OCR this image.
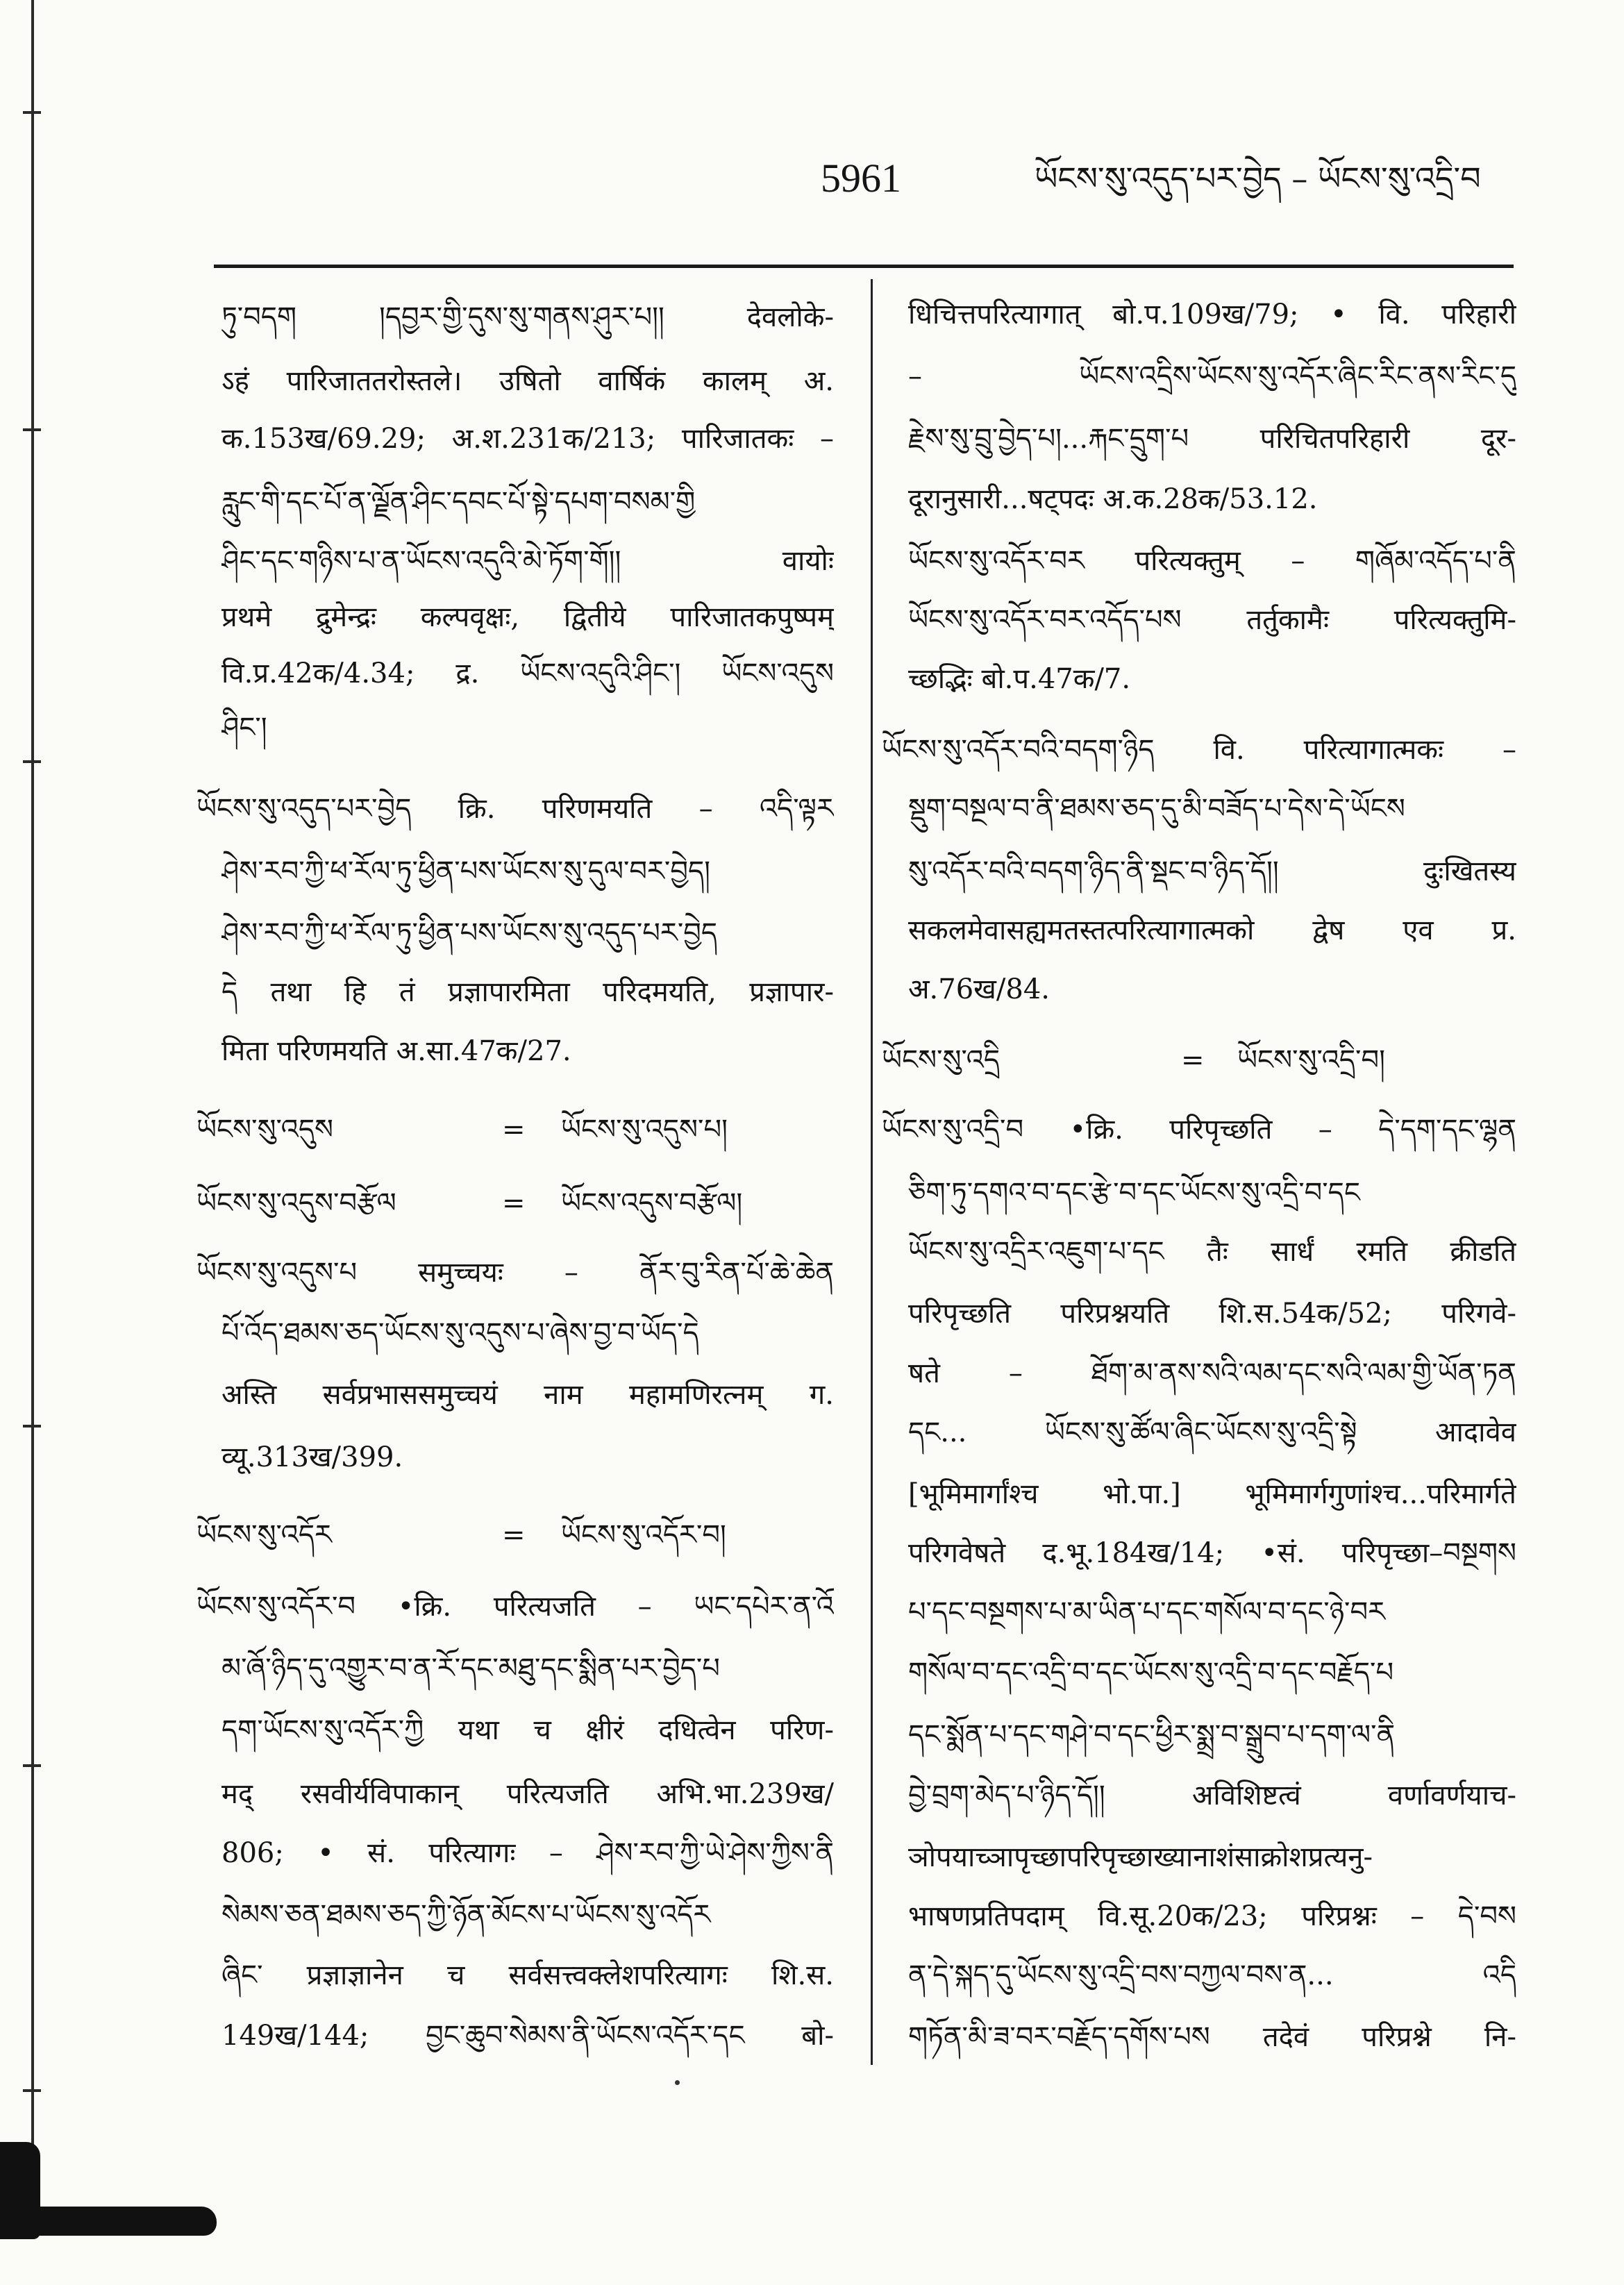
5961	ཡོངས་སུ་འདུད་པར་བྱེད – ཡོངས་སུ་འདྲི་བ
ཏུ་བདག །དབྱར་གྱི་དུས་སུ་གནས་ཤུར་པ།། देवलोके-
ऽहं पारिजाततरोस्तले। उषितो वार्षिकं कालम् अ.
क.153ख/69.29; अ.श.231क/213; पारिजातकः –
རླུང་གི་དང་པོ་ན་ལྗོན་ཤིང་དབང་པོ་སྟེ་དཔག་བསམ་གྱི
ཤིང་དང་གཉིས་པ་ན་ཡོངས་འདུའི་མེ་ཏོག་གོ།། वायोः
प्रथमे द्रुमेन्द्रः कल्पवृक्षः, द्वितीये पारिजातकपुष्पम्
वि.प्र.42क/4.34; द्र. ཡོངས་འདུའི་ཤིང་། ཡོངས་འདུས
ཤིང་།
ཡོངས་སུ་འདུད་པར་བྱེད क्रि. परिणमयति – འདི་ལྟར
ཤེས་རབ་ཀྱི་ཕ་རོལ་ཏུ་ཕྱིན་པས་ཡོངས་སུ་དུལ་བར་བྱེད།
ཤེས་རབ་ཀྱི་ཕ་རོལ་ཏུ་ཕྱིན་པས་ཡོངས་སུ་འདུད་པར་བྱེད
དེ तथा हि तं प्रज्ञापारमिता परिदमयति, प्रज्ञापार-
मिता परिणमयति अ.सा.47क/27.
ཡོངས་སུ་འདུས	= ཡོངས་སུ་འདུས་པ།
ཡོངས་སུ་འདུས་བརྩོལ	= ཡོངས་འདུས་བརྩོལ།
ཡོངས་སུ་འདུས་པ समुच्चयः – ནོར་བུ་རིན་པོ་ཆེ་ཆེན
པོ་འོད་ཐམས་ཅད་ཡོངས་སུ་འདུས་པ་ཞེས་བྱ་བ་ཡོད་དེ
अस्ति सर्वप्रभाससमुच्चयं नाम महामणिरत्नम् ग.
व्यू.313ख/399.
ཡོངས་སུ་འདོར	= ཡོངས་སུ་འདོར་བ།
ཡོངས་སུ་འདོར་བ •क्रि. परित्यजति – ཡང་དཔེར་ན་འོ
མ་ཞོ་ཉིད་དུ་འགྱུར་བ་ན་རོ་དང་མཐུ་དང་སྨིན་པར་བྱེད་པ
དག་ཡོངས་སུ་འདོར་ཀྱི यथा च क्षीरं दधित्वेन परिण-
मद् रसवीर्यविपाकान् परित्यजति अभि.भा.239ख/
806; • सं. परित्यागः – ཤེས་རབ་ཀྱི་ཡེ་ཤེས་ཀྱིས་ནི
སེམས་ཅན་ཐམས་ཅད་ཀྱི་ཉོན་མོངས་པ་ཡོངས་སུ་འདོར
ཞིང་ प्रज्ञाज्ञानेन च सर्वसत्त्वक्लेशपरित्यागः शि.स.
149ख/144; བྱང་ཆུབ་སེམས་ནི་ཡོངས་འདོར་དང बो-
धिचित्तपरित्यागात् बो.प.109ख/79; • वि. परिहारी
– ཡོངས་འདྲིས་ཡོངས་སུ་འདོར་ཞིང་རིང་ནས་རིང་དུ
རྗེས་སུ་བྲུ་བྱེད་པ།...རྐང་དྲུག་པ परिचितपरिहारी दूर-
दूरानुसारी...षट्पदः अ.क.28क/53.12.
ཡོངས་སུ་འདོར་བར परित्यक्तुम् – གཞོམ་འདོད་པ་ནི
ཡོངས་སུ་འདོར་བར་འདོད་པས तर्तुकामैः परित्यक्तुमि-
च्छद्भिः बो.प.47क/7.
ཡོངས་སུ་འདོར་བའི་བདག་ཉིད वि. परित्यागात्मकः –
སྡུག་བསྔལ་བ་ནི་ཐམས་ཅད་དུ་མི་བཟོད་པ་དེས་དེ་ཡོངས
སུ་འདོར་བའི་བདག་ཉིད་ནི་སྡང་བ་ཉིད་དོ།། दुःखितस्य
सकलमेवासह्यमतस्तत्परित्यागात्मको द्वेष एव प्र.
अ.76ख/84.
ཡོངས་སུ་འདྲི	= ཡོངས་སུ་འདྲི་བ།
ཡོངས་སུ་འདྲི་བ •क्रि. परिपृच्छति – དེ་དག་དང་ལྷན
ཅིག་ཏུ་དགའ་བ་དང་རྩེ་བ་དང་ཡོངས་སུ་འདྲི་བ་དང
ཡོངས་སུ་འདྲིར་འཇུག་པ་དང तैः सार्धं रमति क्रीडति
परिपृच्छति परिप्रश्नयति शि.स.54क/52; परिगवे-
षते – ཐོག་མ་ནས་སའི་ལམ་དང་སའི་ལམ་གྱི་ཡོན་ཏན
དང... ཡོངས་སུ་ཚོལ་ཞིང་ཡོངས་སུ་འདྲི་སྟེ आदावेव
[भूमिमार्गांश्च भो.पा.] भूमिमार्गगुणांश्च...परिमार्गते
परिगवेषते द.भू.184ख/14; •सं. परिपृच्छा–བསྔགས
པ་དང་བསྔགས་པ་མ་ཡིན་པ་དང་གསོལ་བ་དང་ཉེ་བར
གསོལ་བ་དང་འདྲི་བ་དང་ཡོངས་སུ་འདྲི་བ་དང་བརྗོད་པ
དང་སྨོན་པ་དང་གཤེ་བ་དང་ཕྱིར་སྨྲ་བ་སྒྲུབ་པ་དག་ལ་ནི
བྱེ་བྲག་མེད་པ་ཉིད་དོ།། अविशिष्टत्वं वर्णावर्णयाच-
ञोपयाच्ञापृच्छापरिपृच्छाख्यानाशंसाक्रोशप्रत्यनु-
भाषणप्रतिपदाम् वि.सू.20क/23; परिप्रश्नः – དེ་བས
ན་དེ་སྐད་དུ་ཡོངས་སུ་འདྲི་བས་བཀྱལ་བས་ན... འདི
གཏོན་མི་ཟ་བར་བརྗོད་དགོས་པས तदेवं परिप्रश्ने नि-
